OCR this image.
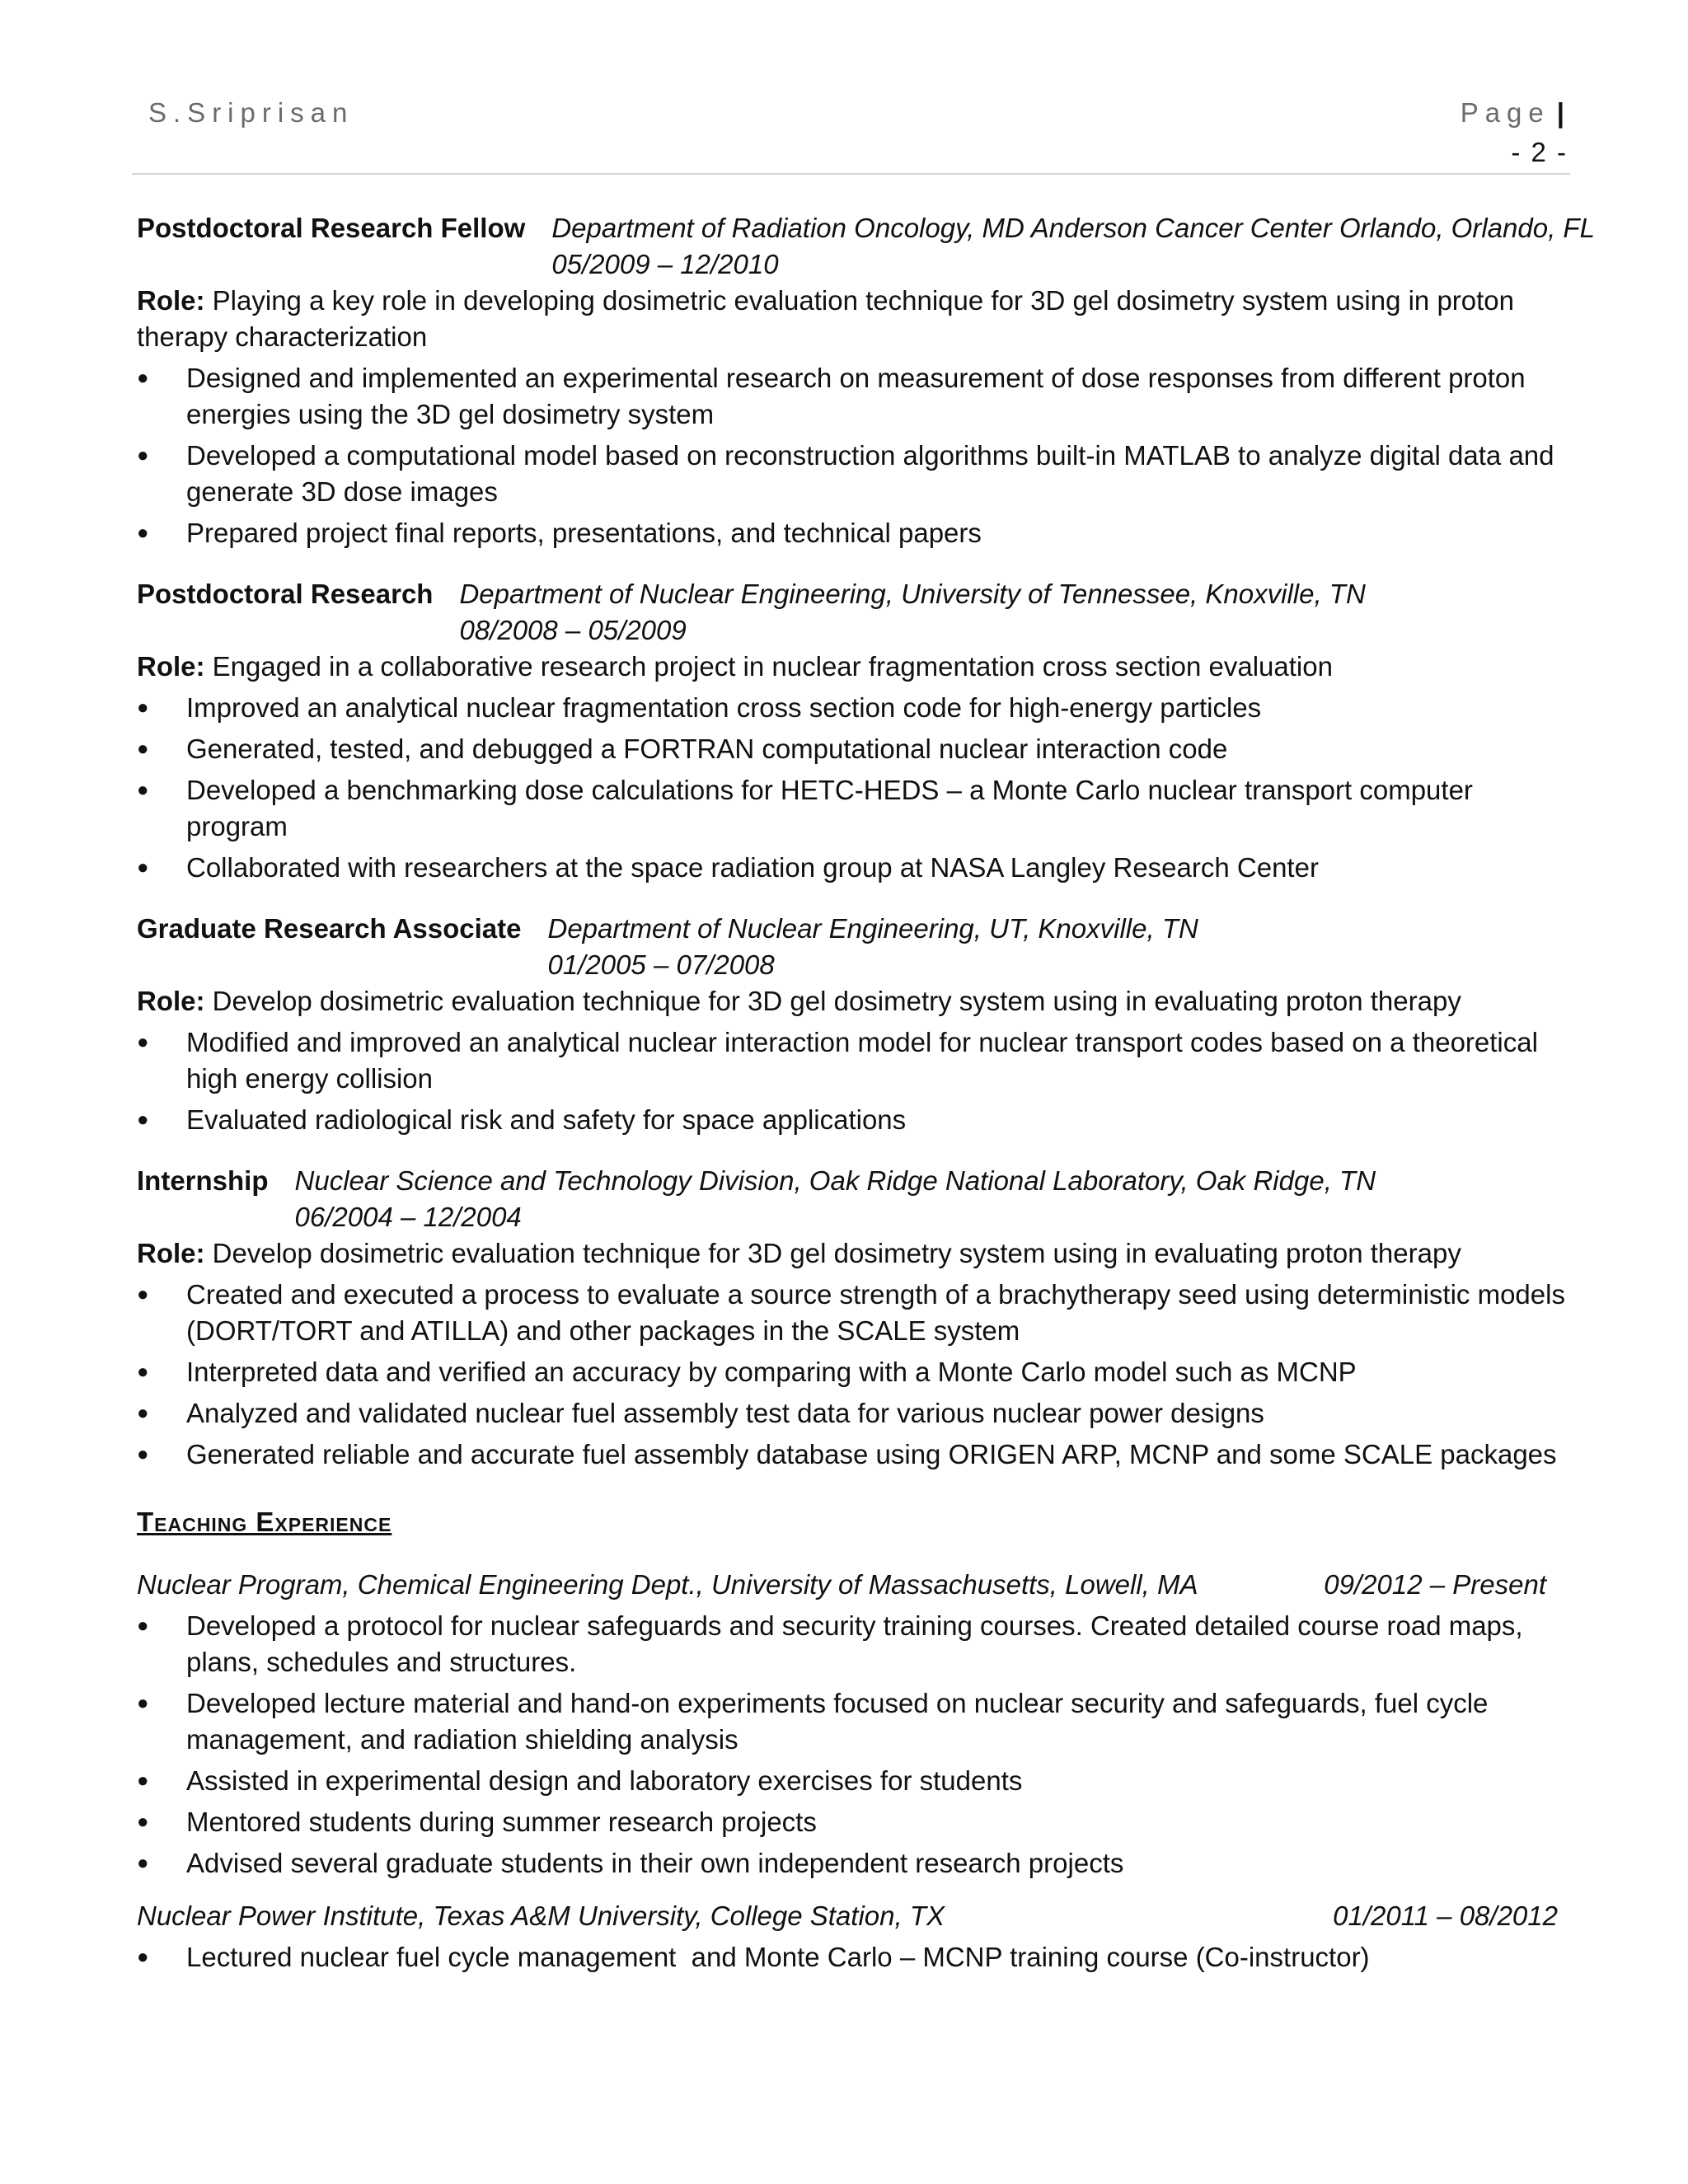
S.Sriprisan	Page |
- 2 -
Postdoctoral Research Fellow Department of Radiation Oncology, MD Anderson Cancer Center Orlando, Orlando, FL
05/2009 – 12/2010
Role: Playing a key role in developing dosimetric evaluation technique for 3D gel dosimetry system using in proton therapy characterization
● Designed and implemented an experimental research on measurement of dose responses from different proton energies using the 3D gel dosimetry system
● Developed a computational model based on reconstruction algorithms built-in MATLAB to analyze digital data and generate 3D dose images
● Prepared project final reports, presentations, and technical papers
Postdoctoral Research Department of Nuclear Engineering, University of Tennessee, Knoxville, TN
08/2008 – 05/2009
Role: Engaged in a collaborative research project in nuclear fragmentation cross section evaluation
● Improved an analytical nuclear fragmentation cross section code for high-energy particles
● Generated, tested, and debugged a FORTRAN computational nuclear interaction code
● Developed a benchmarking dose calculations for HETC-HEDS – a Monte Carlo nuclear transport computer program
● Collaborated with researchers at the space radiation group at NASA Langley Research Center
Graduate Research Associate Department of Nuclear Engineering, UT, Knoxville, TN
01/2005 – 07/2008
Role: Develop dosimetric evaluation technique for 3D gel dosimetry system using in evaluating proton therapy
● Modified and improved an analytical nuclear interaction model for nuclear transport codes based on a theoretical high energy collision
● Evaluated radiological risk and safety for space applications
Internship Nuclear Science and Technology Division, Oak Ridge National Laboratory, Oak Ridge, TN
06/2004 – 12/2004
Role: Develop dosimetric evaluation technique for 3D gel dosimetry system using in evaluating proton therapy
● Created and executed a process to evaluate a source strength of a brachytherapy seed using deterministic models (DORT/TORT and ATILLA) and other packages in the SCALE system
● Interpreted data and verified an accuracy by comparing with a Monte Carlo model such as MCNP
● Analyzed and validated nuclear fuel assembly test data for various nuclear power designs
● Generated reliable and accurate fuel assembly database using ORIGEN ARP, MCNP and some SCALE packages
Teaching Experience
Nuclear Program, Chemical Engineering Dept., University of Massachusetts, Lowell, MA	09/2012 – Present
● Developed a protocol for nuclear safeguards and security training courses. Created detailed course road maps, plans, schedules and structures.
● Developed lecture material and hand-on experiments focused on nuclear security and safeguards, fuel cycle management, and radiation shielding analysis
● Assisted in experimental design and laboratory exercises for students
● Mentored students during summer research projects
● Advised several graduate students in their own independent research projects
Nuclear Power Institute, Texas A&M University, College Station, TX	01/2011 – 08/2012
● Lectured nuclear fuel cycle management  and Monte Carlo – MCNP training course (Co-instructor)
